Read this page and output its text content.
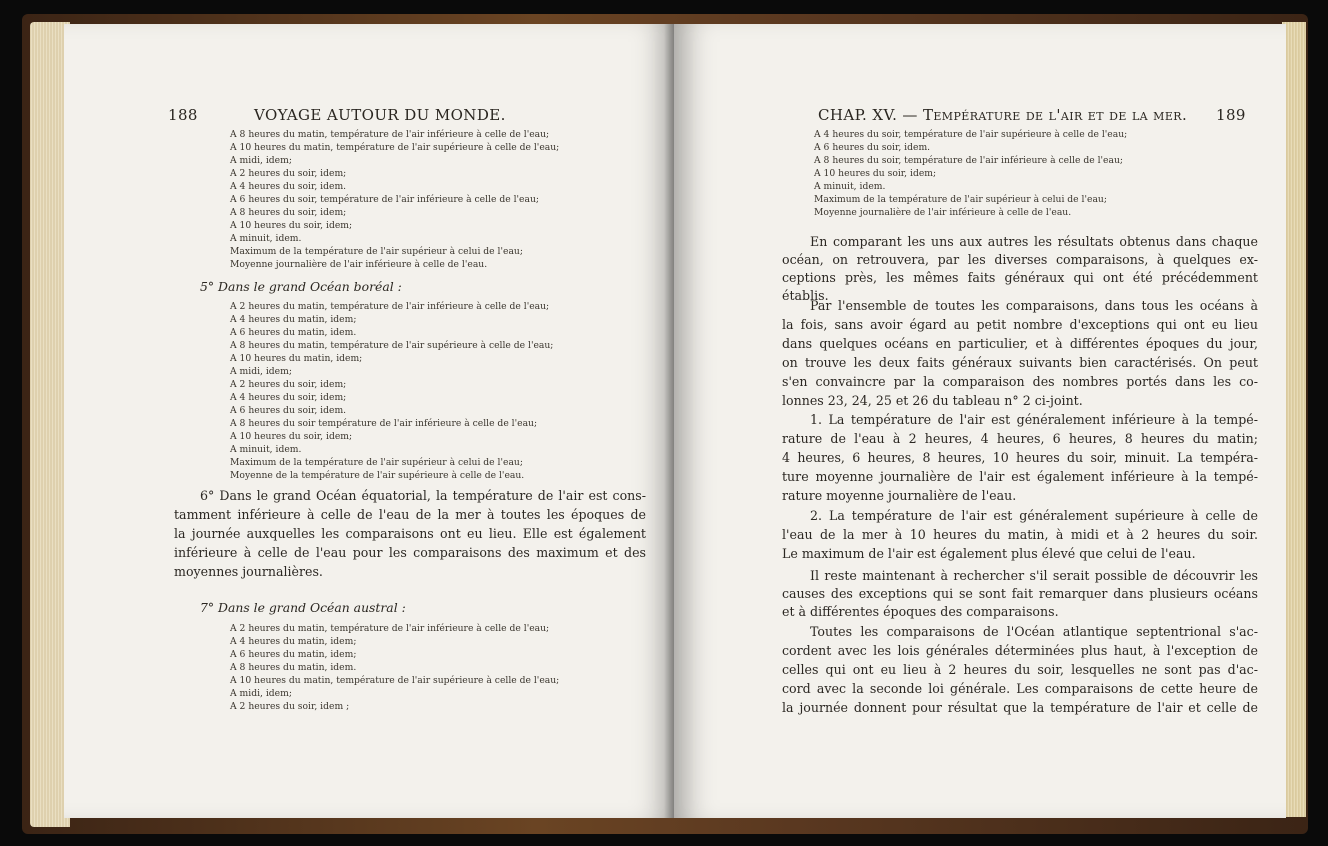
188	VOYAGE AUTOUR DU MONDE.
A 8 heures du matin, température de l'air inférieure à celle de l'eau;
A 10 heures du matin, température de l'air supérieure à celle de l'eau;
A midi, idem;
A 2 heures du soir, idem;
A 4 heures du soir, idem.
A 6 heures du soir, température de l'air inférieure à celle de l'eau;
A 8 heures du soir, idem;
A 10 heures du soir, idem;
A minuit, idem.
Maximum de la température de l'air supérieur à celui de l'eau;
Moyenne journalière de l'air inférieure à celle de l'eau.
5° Dans le grand Océan boréal :
A 2 heures du matin, température de l'air inférieure à celle de l'eau;
A 4 heures du matin, idem;
A 6 heures du matin, idem.
A 8 heures du matin, température de l'air supérieure à celle de l'eau;
A 10 heures du matin, idem;
A midi, idem;
A 2 heures du soir, idem;
A 4 heures du soir, idem;
A 6 heures du soir, idem.
A 8 heures du soir température de l'air inférieure à celle de l'eau;
A 10 heures du soir, idem;
A minuit, idem.
Maximum de la température de l'air supérieur à celui de l'eau;
Moyenne de la température de l'air supérieure à celle de l'eau.
6° Dans le grand Océan équatorial, la température de l'air est cons-
tamment inférieure à celle de l'eau de la mer à toutes les époques de
la journée auxquelles les comparaisons ont eu lieu. Elle est également
inférieure à celle de l'eau pour les comparaisons des maximum et des
moyennes journalières.
7° Dans le grand Océan austral :
A 2 heures du matin, température de l'air inférieure à celle de l'eau;
A 4 heures du matin, idem;
A 6 heures du matin, idem;
A 8 heures du matin, idem.
A 10 heures du matin, température de l'air supérieure à celle de l'eau;
A midi, idem;
A 2 heures du soir, idem ;
CHAP. XV. — Température de l'air et de la mer. 189
A 4 heures du soir, température de l'air supérieure à celle de l'eau;
A 6 heures du soir, idem.
A 8 heures du soir, température de l'air inférieure à celle de l'eau;
A 10 heures du soir, idem;
A minuit, idem.
Maximum de la température de l'air supérieur à celui de l'eau;
Moyenne journalière de l'air inférieure à celle de l'eau.
En comparant les uns aux autres les résultats obtenus dans chaque
océan, on retrouvera, par les diverses comparaisons, à quelques ex-
ceptions près, les mêmes faits généraux qui ont été précédemment
établis.
Par l'ensemble de toutes les comparaisons, dans tous les océans à
la fois, sans avoir égard au petit nombre d'exceptions qui ont eu lieu
dans quelques océans en particulier, et à différentes époques du jour,
on trouve les deux faits généraux suivants bien caractérisés. On peut
s'en convaincre par la comparaison des nombres portés dans les co-
lonnes 23, 24, 25 et 26 du tableau n° 2 ci-joint.
1. La température de l'air est généralement inférieure à la tempé-
rature de l'eau à 2 heures, 4 heures, 6 heures, 8 heures du matin;
4 heures, 6 heures, 8 heures, 10 heures du soir, minuit. La tempéra-
ture moyenne journalière de l'air est également inférieure à la tempé-
rature moyenne journalière de l'eau.
2. La température de l'air est généralement supérieure à celle de
l'eau de la mer à 10 heures du matin, à midi et à 2 heures du soir.
Le maximum de l'air est également plus élevé que celui de l'eau.
Il reste maintenant à rechercher s'il serait possible de découvrir les
causes des exceptions qui se sont fait remarquer dans plusieurs océans
et à différentes époques des comparaisons.
Toutes les comparaisons de l'Océan atlantique septentrional s'ac-
cordent avec les lois générales déterminées plus haut, à l'exception de
celles qui ont eu lieu à 2 heures du soir, lesquelles ne sont pas d'ac-
cord avec la seconde loi générale. Les comparaisons de cette heure de
la journée donnent pour résultat que la température de l'air et celle de
